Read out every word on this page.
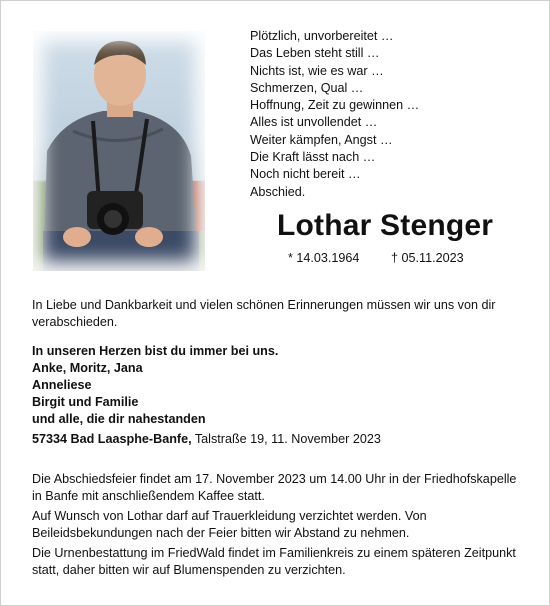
Plötzlich, unvorbereitet …
Das Leben steht still …
Nichts ist, wie es war …
Schmerzen, Qual …
Hoffnung, Zeit zu gewinnen …
Alles ist unvollendet …
Weiter kämpfen, Angst …
Die Kraft lässt nach …
Noch nicht bereit …
Abschied.
Lothar Stenger
* 14.03.1964	† 05.11.2023
In Liebe und Dankbarkeit und vielen schönen Erinnerungen müssen wir uns von dir verabschieden.
In unseren Herzen bist du immer bei uns.
Anke, Moritz, Jana
Anneliese
Birgit und Familie
und alle, die dir nahestanden
57334 Bad Laasphe-Banfe, Talstraße 19, 11. November 2023
Die Abschiedsfeier findet am 17. November 2023 um 14.00 Uhr in der Friedhofskapelle in Banfe mit anschließendem Kaffee statt.
Auf Wunsch von Lothar darf auf Trauerkleidung verzichtet werden. Von Beileidsbekundungen nach der Feier bitten wir Abstand zu nehmen.
Die Urnenbestattung im FriedWald findet im Familienkreis zu einem späteren Zeitpunkt statt, daher bitten wir auf Blumenspenden zu verzichten.
